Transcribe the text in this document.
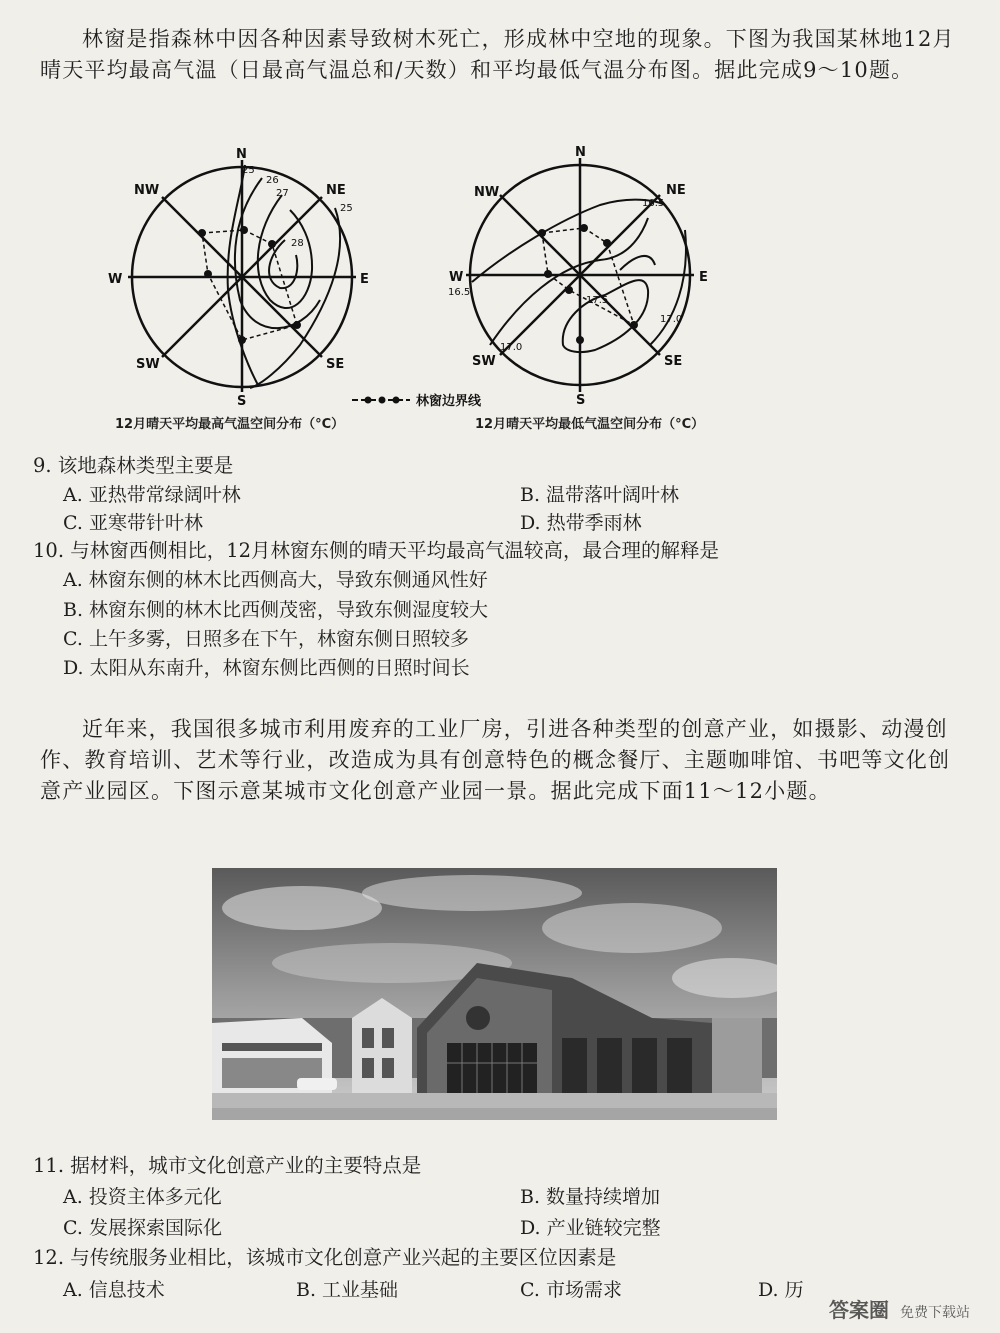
林窗是指森林中因各种因素导致树木死亡，形成林中空地的现象。下图为我国某林地12月晴天平均最高气温（日最高气温总和/天数）和平均最低气温分布图。据此完成9～10题。

N
NE
E
SE
S
SW
W
NW
25
26
27
28
25
N
NE
E
SE
S
SW
W
NW
16.5
16.5
17.5
17.0
17.0
林窗边界线
12月晴天平均最高气温空间分布（°C）	12月晴天平均最低气温空间分布（°C）

9. 该地森林类型主要是

A. 亚热带常绿阔叶林	B. 温带落叶阔叶林

C. 亚寒带针叶林	D. 热带季雨林

10. 与林窗西侧相比，12月林窗东侧的晴天平均最高气温较高，最合理的解释是

A. 林窗东侧的林木比西侧高大，导致东侧通风性好

B. 林窗东侧的林木比西侧茂密，导致东侧湿度较大

C. 上午多雾，日照多在下午，林窗东侧日照较多

D. 太阳从东南升，林窗东侧比西侧的日照时间长

近年来，我国很多城市利用废弃的工业厂房，引进各种类型的创意产业，如摄影、动漫创作、教育培训、艺术等行业，改造成为具有创意特色的概念餐厅、主题咖啡馆、书吧等文化创意产业园区。下图示意某城市文化创意产业园一景。据此完成下面11～12小题。

11. 据材料，城市文化创意产业的主要特点是

A. 投资主体多元化	B. 数量持续增加

C. 发展探索国际化	D. 产业链较完整

12. 与传统服务业相比，该城市文化创意产业兴起的主要区位因素是

A. 信息技术	B. 工业基础	C. 市场需求	D. 历

答案圈 免费下载站
